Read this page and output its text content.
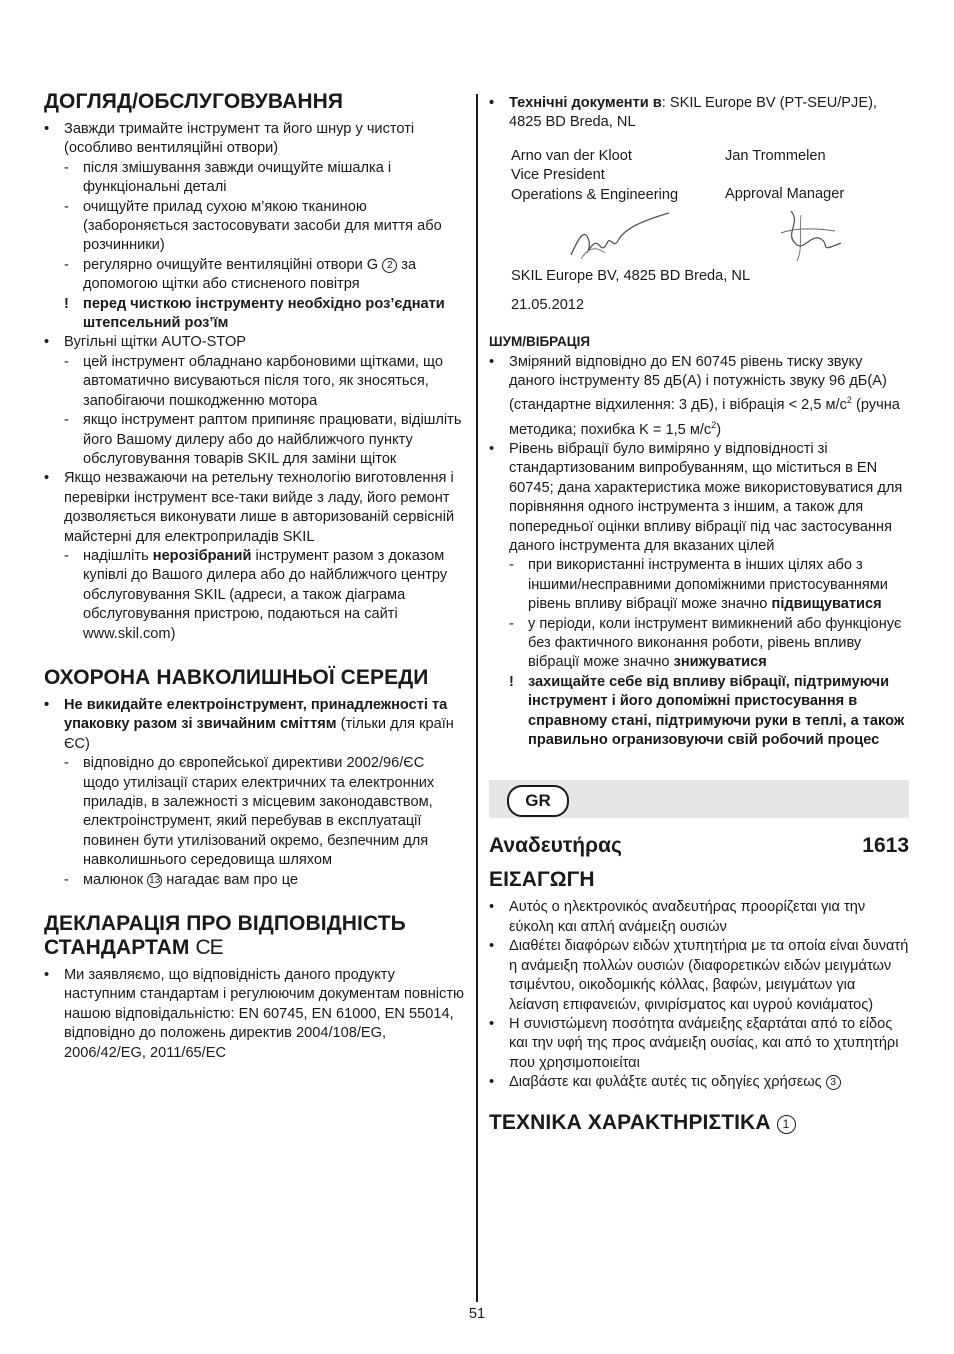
ДОГЛЯД/ОБСЛУГОВУВАННЯ
• Завжди тримайте інструмент та його шнур у чистоті (особливо вентиляційні отвори)
- після змішування завжди очищуйте мішалка і функціональні деталі
- очищуйте прилад сухою м’якою тканиною (забороняється застосовувати засоби для миття або розчинники)
- регулярно очищуйте вентиляційні отвори G 2 за допомогою щітки або стисненого повітря
! перед чисткою інструменту необхідно роз’єднати штепсельний роз’їм
• Вугільні щітки AUTO-STOP
- цей інструмент обладнано карбоновими щітками, що автоматично висуваються після того, як зносяться, запобігаючи пошкодженню мотора
- якщо інструмент раптом припиняє працювати, відішліть його Вашому дилеру або до найближчого пункту обслуговування товарів SKIL для заміни щіток
• Якщо незважаючи на ретельну технологію виготовлення і перевірки інструмент все-таки вийде з ладу, його ремонт дозволяється виконувати лише в авторизованій сервісній майстерні для електроприладів SKIL
- надішліть нерозібраний інструмент разом з доказом купівлі до Вашого дилера або до найближчого центру обслуговування SKIL (адреси, а також діаграма обслуговування пристрою, подаються на сайті www.skil.com)
ОХОРОНА НАВКОЛИШНЬОЇ СЕРЕДИ
• Не викидайте електроінструмент, принадлежності та упаковку разом зі звичайним сміттям (тільки для країн ЄС)
- відповідно до європейської директиви 2002/96/ЄС щодо утилізації старих електричних та електронних приладів, в залежності з місцевим законодавством, електроінструмент, який перебував в експлуатації повинен бути утилізований окремо, безпечним для навколишнього середовища шляхом
- малюнок 13 нагадає вам про це
ДЕКЛАРАЦІЯ ПРО ВІДПОВІДНІСТЬ
СТАНДАРТАМ CE
• Ми заявляємо, що відповідність даного продукту наступним стандартам і регулюючим документам повністю нашою відповідальністю: EN 60745, EN 61000, EN 55014, відповідно до положень директив 2004/108/EG, 2006/42/EG, 2011/65/EC
• Технічні документи в: SKIL Europe BV (PT-SEU/PJE), 4825 BD Breda, NL
Arno van der Kloot
Vice President
Operations & Engineering
Jan Trommelen
Approval Manager
SKIL Europe BV, 4825 BD Breda, NL
21.05.2012
ШУМ/ВІБРАЦІЯ
• Зміряний відповідно до EN 60745 рівень тиску звуку даного інструменту 85 дБ(A) і потужність звуку 96 дБ(A) (стандартне відхилення: 3 дБ), і вібрація < 2,5 $м/с^2$ (ручна методика; похибка K = 1,5 $м/с^2$)
• Рівень вібрації було виміряно у відповідності зі стандартизованим випробуванням, що міститься в EN 60745; дана характеристика може використовуватися для порівняння одного інструмента з іншим, а також для попередньої оцінки впливу вібрації під час застосування даного інструмента для вказаних цілей
- при використанні інструмента в інших цілях або з іншими/несправними допоміжними пристосуваннями рівень впливу вібрації може значно підвищуватися
- у періоди, коли інструмент вимикнений або функціонує без фактичного виконання роботи, рівень впливу вібрації може значно знижуватися
! захищайте себе від впливу вібрації, підтримуючи інструмент і його допоміжні пристосування в справному стані, підтримуючи руки в теплі, а також правильно огранизовуючи свій робочий процес
GR
Αναδευτήρας	1613
ΕΙΣΑΓΩΓΗ
• Αυτός ο ηλεκτρονικός αναδευτήρας προορίζεται για την εύκολη και απλή ανάμειξη ουσιών
• Διαθέτει διαφόρων ειδών χτυπητήρια με τα οποία είναι δυνατή η ανάμειξη πολλών ουσιών (διαφορετικών ειδών μειγμάτων τσιμέντου, οικοδομικής κόλλας, βαφών, μειγμάτων για λείανση επιφανειών, φινιρίσματος και υγρού κονιάματος)
• Η συνιστώμενη ποσότητα ανάμειξης εξαρτάται από το είδος και την υφή της προς ανάμειξη ουσίας, και από το χτυπητήρι που χρησιμοποιείται
• Διαβάστε και φυλάξτε αυτές τις οδηγίες χρήσεως 3
ΤΕΧΝΙΚΑ ΧΑΡΑΚΤΗΡΙΣΤΙΚΑ 1
51
